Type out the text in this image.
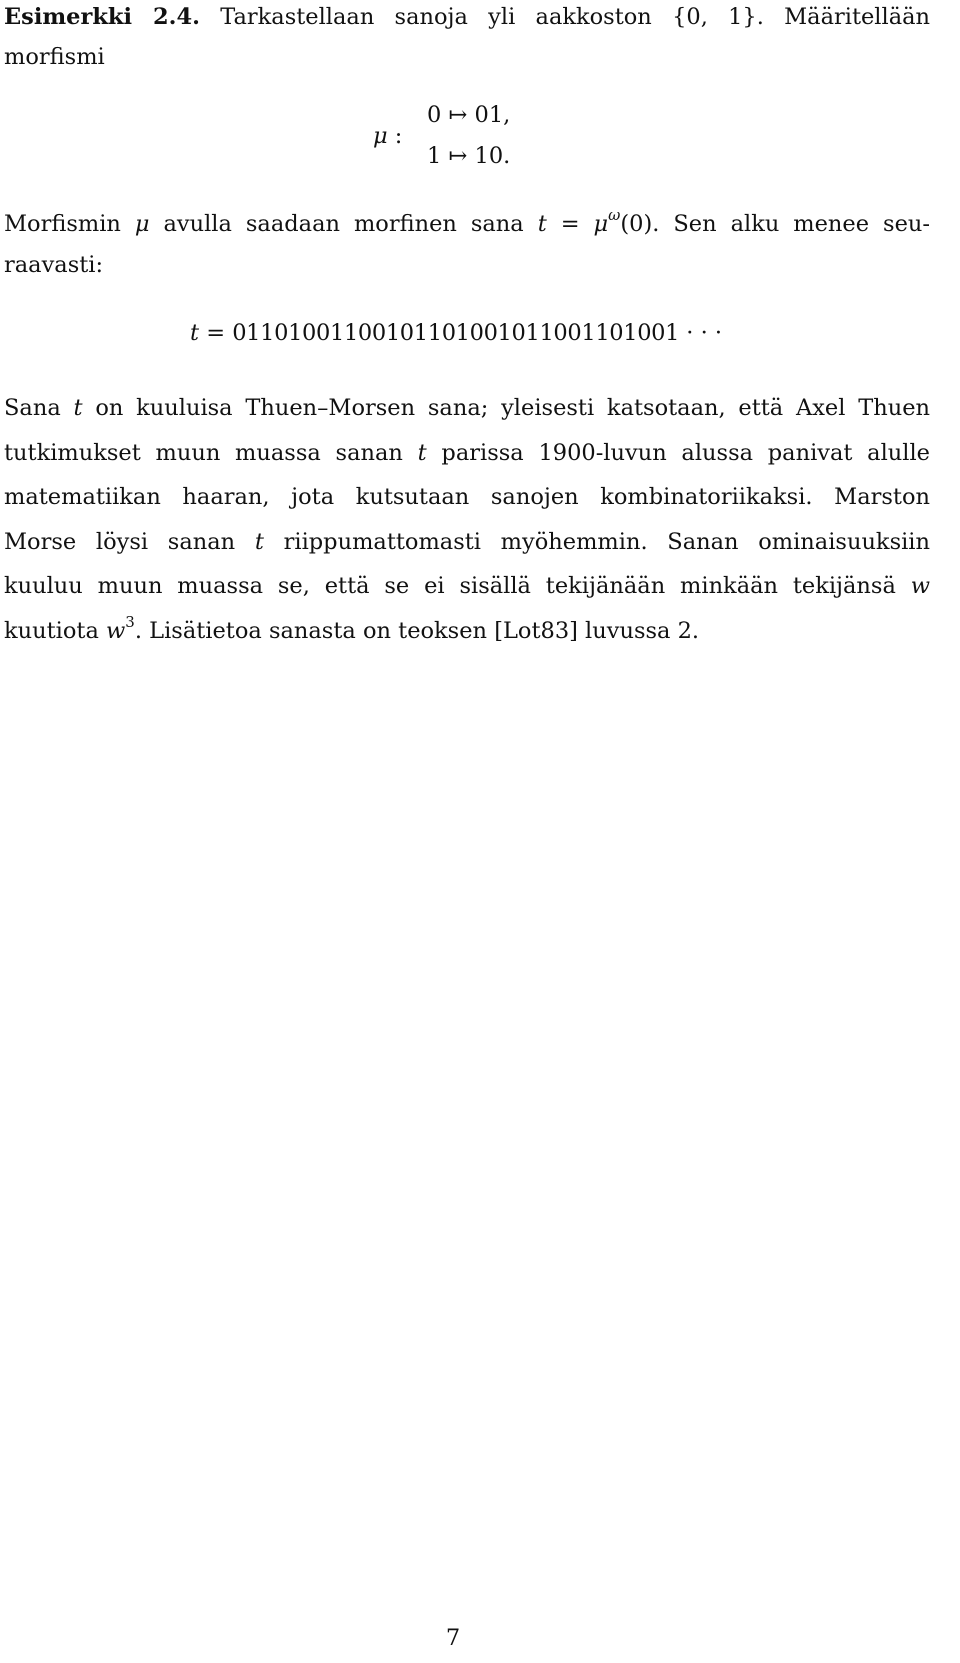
Esimerkki 2.4. Tarkastellaan sanoja yli aakkoston {0, 1}. Määritellään
morfismi
μ :
0 ↦ 01,
1 ↦ 10.
Morfismin μ avulla saadaan morfinen sana $t = \mu^\omega(0)$. Sen alku menee seu-
raavasti:
t = 01101001100101101001011001101001 · · ·
Sana t on kuuluisa Thuen–Morsen sana; yleisesti katsotaan, että Axel Thuen
tutkimukset muun muassa sanan t parissa 1900-luvun alussa panivat alulle
matematiikan haaran, jota kutsutaan sanojen kombinatoriikaksi. Marston
Morse löysi sanan t riippumattomasti myöhemmin. Sanan ominaisuuksiin
kuuluu muun muassa se, että se ei sisällä tekijänään minkään tekijänsä w
kuutiota $w^3$. Lisätietoa sanasta on teoksen [Lot83] luvussa 2.
7
